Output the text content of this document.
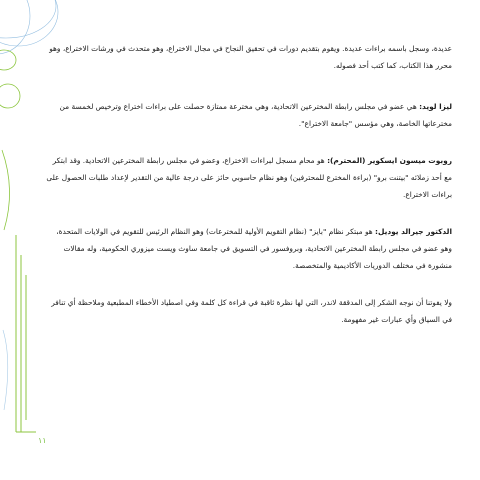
عديدة، وسجل باسمه براءات عديدة. ويقوم بتقديم دورات في تحقيق النجاح في مجال الاختراع، وهو متحدث في ورشات الاختراع، وهو محرر هذا الكتاب، كما كتب أحد فصوله.

ليزا لويد: هي عضو في مجلس رابطة المخترعين الاتحادية، وهي مخترعة ممتازة حصلت على براءات اختراع وترخيص لخمسة من مخترعاتها الخاصة، وهي مؤسس "جامعة الاختراع".

روبوت ميسون ايسكوير (المحترم): هو محام مسجل لبراءات الاختراع، وعضو في مجلس رابطة المخترعين الاتحادية. وقد ابتكر مع أحد زملائه "بيتنت برو" (براءة المخترع للمحترفين) وهو نظام حاسوبي حائز على درجة عالية من التقدير لإعداد طلبات الحصول على براءات الاختراع.

الدكتور جيرالد يوديل: هو مبتكر نظام "بايز" (نظام التقويم الأولية للمخترعات) وهو النظام الرئيس للتقويم في الولايات المتحدة، وهو عضو في مجلس رابطة المخترعين الاتحادية، وبروفسور في التسويق في جامعة ساوث ويست ميزوري الحكومية، وله مقالات منشورة في مختلف الدوريات الأكاديمية والمتخصصة.

ولا يفوتنا أن نوجه الشكر إلى المدققة لاندر، التي لها نظرة ثاقبة في قراءة كل كلمة وفي اصطياد الأخطاء المطبعية وملاحظة أي تنافر في السياق وأي عبارات غير مفهومة.

١١
